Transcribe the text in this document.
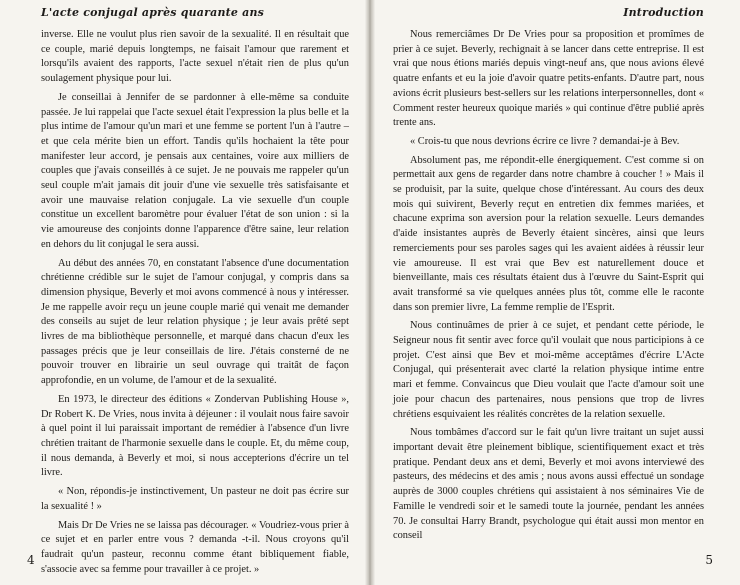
L'acte conjugal après quarante ans

inverse. Elle ne voulut plus rien savoir de la sexualité. Il en résultait que ce couple, marié depuis longtemps, ne faisait l'amour que rarement et lorsqu'ils avaient des rapports, l'acte sexuel n'était rien de plus qu'un soulagement physique pour lui.

Je conseillai à Jennifer de se pardonner à elle-même sa conduite passée. Je lui rappelai que l'acte sexuel était l'expression la plus belle et la plus intime de l'amour qu'un mari et une femme se portent l'un à l'autre – et que cela mérite bien un effort. Tandis qu'ils hochaient la tête pour manifester leur accord, je pensais aux centaines, voire aux milliers de couples que j'avais conseillés à ce sujet. Je ne pouvais me rappeler qu'un seul couple m'ait jamais dit jouir d'une vie sexuelle très satisfaisante et avoir une mauvaise relation conjugale. La vie sexuelle d'un couple constitue un excellent baromètre pour évaluer l'état de son union : si la vie amoureuse des conjoints donne l'apparence d'être saine, leur relation en dehors du lit conjugal le sera aussi.

Au début des années 70, en constatant l'absence d'une documentation chrétienne crédible sur le sujet de l'amour conjugal, y compris dans sa dimension physique, Beverly et moi avons commencé à nous y intéresser. Je me rappelle avoir reçu un jeune couple marié qui venait me demander des conseils au sujet de leur relation physique ; je leur avais prêté sept livres de ma bibliothèque personnelle, et marqué dans chacun d'eux les passages précis que je leur conseillais de lire. J'étais consterné de ne pouvoir trouver en librairie un seul ouvrage qui traitât de façon approfondie, en un volume, de l'amour et de la sexualité.

En 1973, le directeur des éditions « Zondervan Publishing House », Dr Robert K. De Vries, nous invita à déjeuner : il voulait nous faire savoir à quel point il lui paraissait important de remédier à l'absence d'un livre chrétien traitant de l'harmonie sexuelle dans le couple. Et, du même coup, il nous demanda, à Beverly et moi, si nous accepterions d'écrire un tel livre.

« Non, répondis-je instinctivement, Un pasteur ne doit pas écrire sur la sexualité ! »

Mais Dr De Vries ne se laissa pas décourager. « Voudriez-vous prier à ce sujet et en parler entre vous ? demanda -t-il. Nous croyons qu'il faudrait qu'un pasteur, reconnu comme étant bibliquement fiable, s'associe avec sa femme pour travailler à ce projet. »

4
Introduction

Nous remerciâmes Dr De Vries pour sa proposition et promîmes de prier à ce sujet. Beverly, rechignait à se lancer dans cette entreprise. Il est vrai que nous étions mariés depuis vingt-neuf ans, que nous avions élevé quatre enfants et eu la joie d'avoir quatre petits-enfants. D'autre part, nous avions écrit plusieurs best-sellers sur les relations interpersonnelles, dont « Comment rester heureux quoique mariés » qui continue d'être publié après trente ans.

« Crois-tu que nous devrions écrire ce livre ? demandai-je à Bev.

Absolument pas, me répondit-elle énergiquement. C'est comme si on permettait aux gens de regarder dans notre chambre à coucher ! » Mais il se produisit, par la suite, quelque chose d'intéressant. Au cours des deux mois qui suivirent, Beverly reçut en entretien dix femmes mariées, et chacune exprima son aversion pour la relation sexuelle. Leurs demandes d'aide insistantes auprès de Beverly étaient sincères, ainsi que leurs remerciements pour ses paroles sages qui les avaient aidées à réussir leur vie amoureuse. Il est vrai que Bev est naturellement douce et bienveillante, mais ces résultats étaient dus à l'œuvre du Saint-Esprit qui avait transformé sa vie quelques années plus tôt, comme elle le raconte dans son premier livre, La femme remplie de l'Esprit.

Nous continuâmes de prier à ce sujet, et pendant cette période, le Seigneur nous fit sentir avec force qu'il voulait que nous participions à ce projet. C'est ainsi que Bev et moi-même acceptâmes d'écrire L'Acte Conjugal, qui présenterait avec clarté la relation physique intime entre mari et femme. Convaincus que Dieu voulait que l'acte d'amour soit une joie pour chacun des partenaires, nous pensions que trop de livres chrétiens esquivaient les réalités concrètes de la relation sexuelle.

Nous tombâmes d'accord sur le fait qu'un livre traitant un sujet aussi important devait être pleinement biblique, scientifiquement exact et très pratique. Pendant deux ans et demi, Beverly et moi avons interviewé des pasteurs, des médecins et des amis ; nous avons aussi effectué un sondage auprès de 3000 couples chrétiens qui assistaient à nos séminaires Vie de Famille le vendredi soir et le samedi toute la journée, pendant les années 70. Je consultai Harry Brandt, psychologue qui était aussi mon mentor en conseil

5
